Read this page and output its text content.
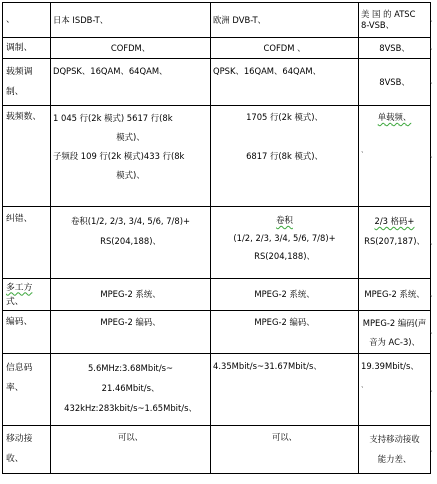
、	日本 ISDB-T、	欧洲 DVB-T、	美 国 的 ATSC
8-VSB、

调制、	COFDM、	COFDM 、	8VSB、

载频调
制、	DQPSK、16QAM、64QAM、	QPSK、16QAM、64QAM、	8VSB、
载频数、	1 045 行(2k 模式) 5617 行(8k
模式)、
子频段 109 行(2k 模式)433 行(8k
模式)、	1705 行(2k 模式)、
6817 行(8k 模式)、	单载频、
、

纠错、	卷积(1/2, 2/3, 3/4, 5/6, 7/8)+
RS(204,188)、	卷积
(1/2, 2/3, 3/4, 5/6, 7/8)+
RS(204,188)、	2/3 格码+
RS(207,187)、

多工方
式、	MPEG-2 系统、	MPEG-2 系统、	MPEG-2 系统、
编码、	MPEG-2 编码、	MPEG-2 编码、	MPEG-2 编码(声
音为 AC-3)、

信息码
率、	5.6MHz:3.68Mbit/s~
21.46Mbit/s、
432kHz:283kbit/s~1.65Mbit/s、	4.35Mbit/s~31.67Mbit/s、	19.39Mbit/s、
、

移动接
收、	可以、	可以、	支持移动接收
能力差、
、
、
、
、
、
、
、
、
、
